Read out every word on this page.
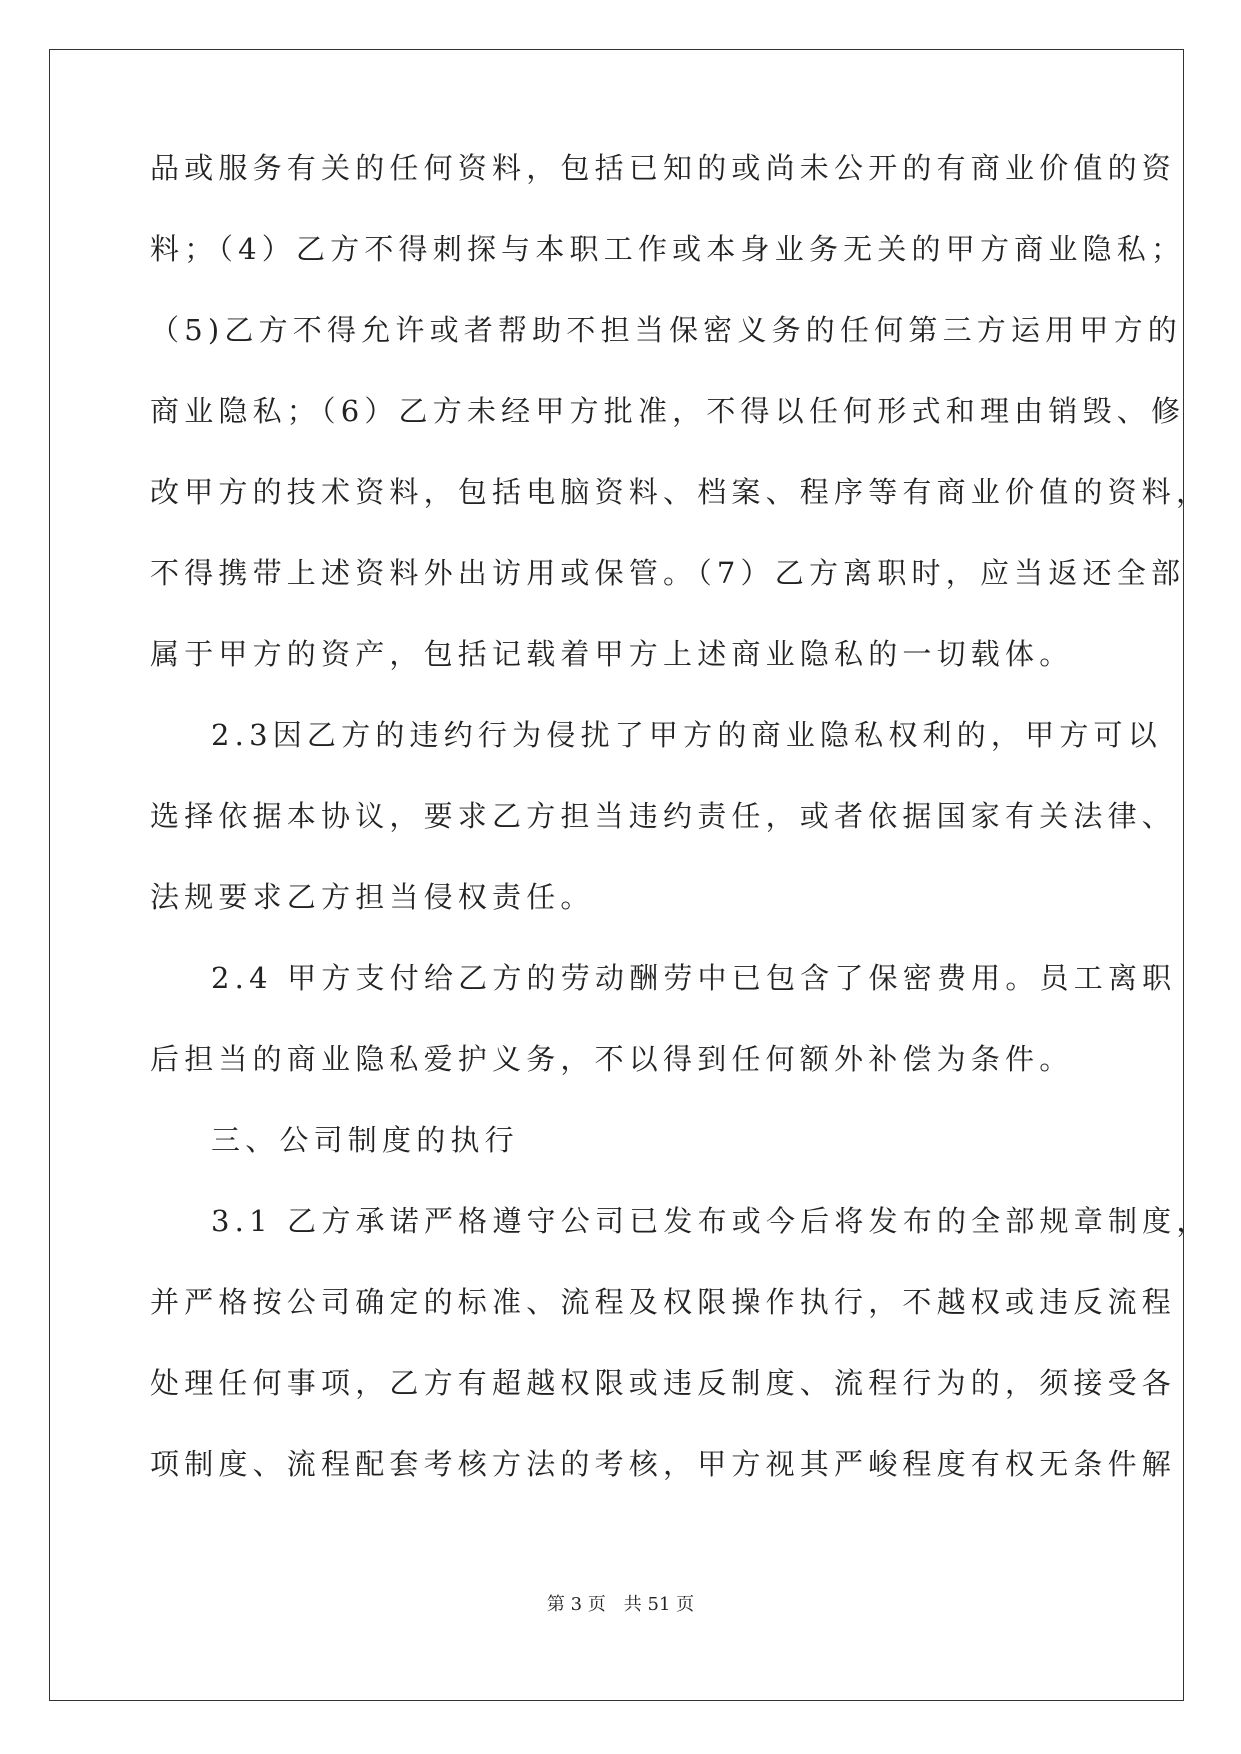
品或服务有关的任何资料，包括已知的或尚未公开的有商业价值的资
料；（4）乙方不得刺探与本职工作或本身业务无关的甲方商业隐私；
（5)乙方不得允许或者帮助不担当保密义务的任何第三方运用甲方的
商业隐私；（6）乙方未经甲方批准，不得以任何形式和理由销毁、修
改甲方的技术资料，包括电脑资料、档案、程序等有商业价值的资料，
不得携带上述资料外出访用或保管。（7）乙方离职时，应当返还全部
属于甲方的资产，包括记载着甲方上述商业隐私的一切载体。
2.3因乙方的违约行为侵扰了甲方的商业隐私权利的，甲方可以
选择依据本协议，要求乙方担当违约责任，或者依据国家有关法律、
法规要求乙方担当侵权责任。
2.4 甲方支付给乙方的劳动酬劳中已包含了保密费用。员工离职
后担当的商业隐私爱护义务，不以得到任何额外补偿为条件。
三、公司制度的执行
3.1 乙方承诺严格遵守公司已发布或今后将发布的全部规章制度，
并严格按公司确定的标准、流程及权限操作执行，不越权或违反流程
处理任何事项，乙方有超越权限或违反制度、流程行为的，须接受各
项制度、流程配套考核方法的考核，甲方视其严峻程度有权无条件解
第 3 页 共 51 页
